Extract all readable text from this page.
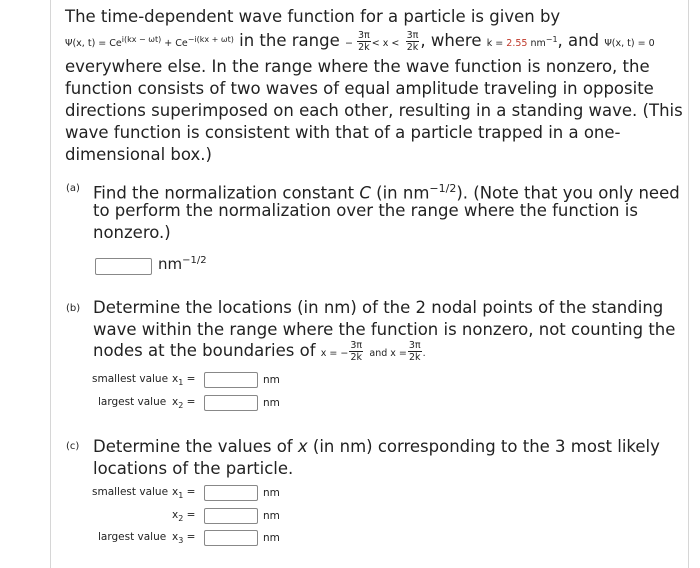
The time-dependent wave function for a particle is given by
Ψ(x, $t) = Ce^{i(kx - \omega t)} + Ce^{-i(kx + \omega t)}$ in the range − $\frac{3\pi}{2k} < x < \frac{3\pi}{2k}$ , where k = 2.55 $nm^{-1}$, and Ψ(x, t) = 0
everywhere else. In the range where the wave function is nonzero, the
function consists of two waves of equal amplitude traveling in opposite
directions superimposed on each other, resulting in a standing wave. (This
wave function is consistent with that of a particle trapped in a one-
dimensional box.)
(a) Find the normalization constant C (in $nm^{-1/2}$). (Note that you only need
to perform the normalization over the range where the function is
nonzero.)
$nm^{-1/2}$
(b) Determine the locations (in nm) of the 2 nodal points of the standing
wave within the range where the function is nonzero, not counting the
nodes at the boundaries of x = − $\frac{3\pi}{2k}$ and $x = \frac{3\pi}{2k}$ .
smallest value $x_1$ =	nm
largest value $x_2$ =	nm
(c) Determine the values of x (in nm) corresponding to the 3 most likely
locations of the particle.
smallest value $x_1$ =	nm
$x_2$ =	nm
largest value $x_3$ =	nm
